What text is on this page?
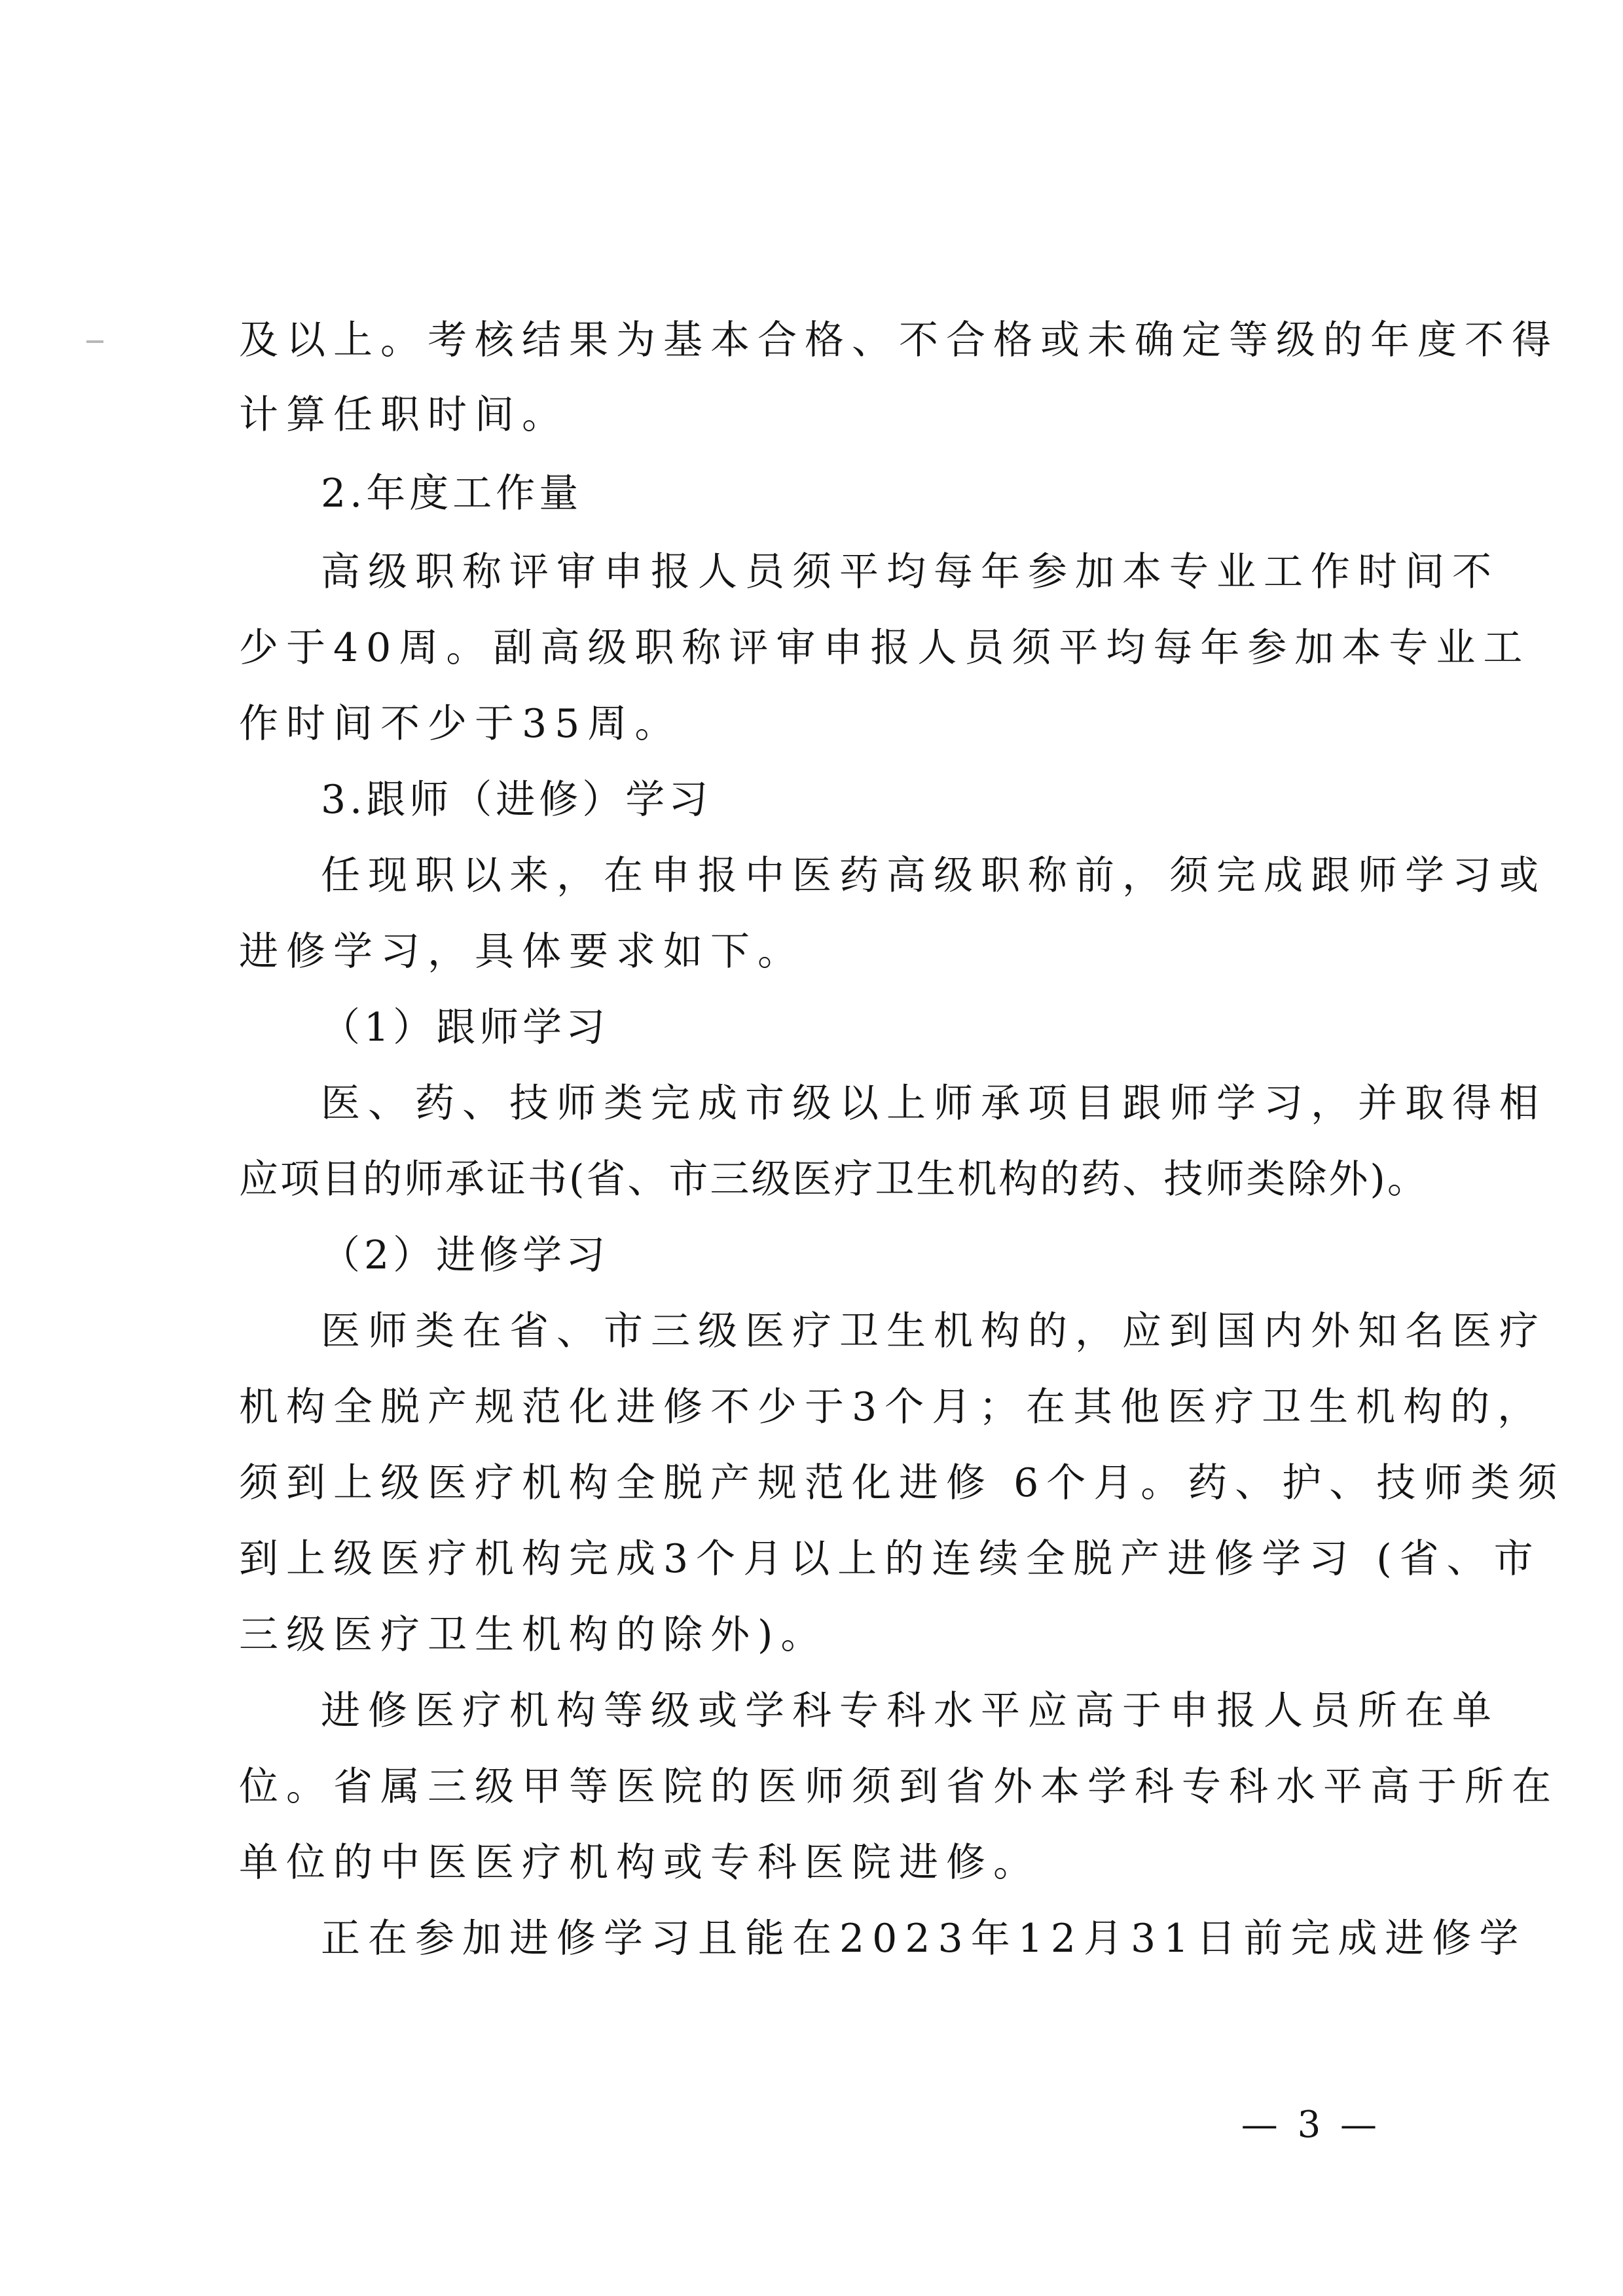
及以上。考核结果为基本合格、不合格或未确定等级的年度不得
计算任职时间。
2.年度工作量
高级职称评审申报人员须平均每年参加本专业工作时间不
少于40周。副高级职称评审申报人员须平均每年参加本专业工
作时间不少于35周。
3.跟师（进修）学习
任现职以来，在申报中医药高级职称前，须完成跟师学习或
进修学习，具体要求如下。
（1）跟师学习
医、药、技师类完成市级以上师承项目跟师学习，并取得相
应项目的师承证书(省、市三级医疗卫生机构的药、技师类除外)。
（2）进修学习
医师类在省、市三级医疗卫生机构的，应到国内外知名医疗
机构全脱产规范化进修不少于3个月；在其他医疗卫生机构的，
须到上级医疗机构全脱产规范化进修 6个月。药、护、技师类须
到上级医疗机构完成3个月以上的连续全脱产进修学习 (省、市
三级医疗卫生机构的除外)。
进修医疗机构等级或学科专科水平应高于申报人员所在单
位。省属三级甲等医院的医师须到省外本学科专科水平高于所在
单位的中医医疗机构或专科医院进修。
正在参加进修学习且能在2023年12月31日前完成进修学
— 3 —
